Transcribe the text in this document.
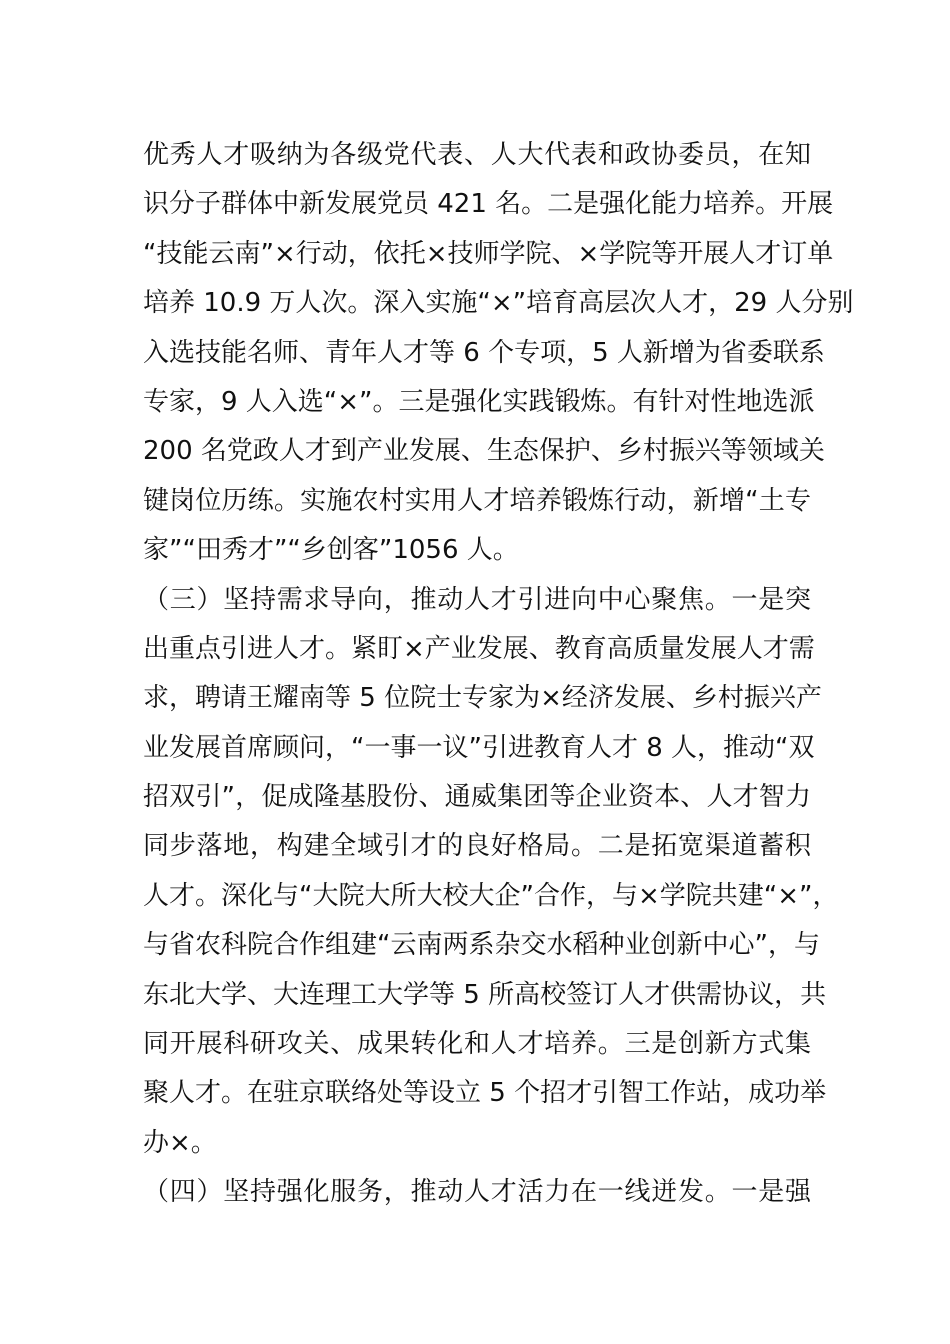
优秀人才吸纳为各级党代表、人大代表和政协委员，在知
识分子群体中新发展党员 421 名。二是强化能力培养。开展
“技能云南”×行动，依托×技师学院、×学院等开展人才订单
培养 10.9 万人次。深入实施“×”培育高层次人才，29 人分别
入选技能名师、青年人才等 6 个专项，5 人新增为省委联系
专家，9 人入选“×”。三是强化实践锻炼。有针对性地选派
200 名党政人才到产业发展、生态保护、乡村振兴等领域关
键岗位历练。实施农村实用人才培养锻炼行动，新增“土专
家”“田秀才”“乡创客”1056 人。
（三）坚持需求导向，推动人才引进向中心聚焦。一是突
出重点引进人才。紧盯×产业发展、教育高质量发展人才需
求，聘请王耀南等 5 位院士专家为×经济发展、乡村振兴产
业发展首席顾问，“一事一议”引进教育人才 8 人，推动“双
招双引”，促成隆基股份、通威集团等企业资本、人才智力
同步落地，构建全域引才的良好格局。二是拓宽渠道蓄积
人才。深化与“大院大所大校大企”合作，与×学院共建“×”，
与省农科院合作组建“云南两系杂交水稻种业创新中心”，与
东北大学、大连理工大学等 5 所高校签订人才供需协议，共
同开展科研攻关、成果转化和人才培养。三是创新方式集
聚人才。在驻京联络处等设立 5 个招才引智工作站，成功举
办×。
（四）坚持强化服务，推动人才活力在一线迸发。一是强
